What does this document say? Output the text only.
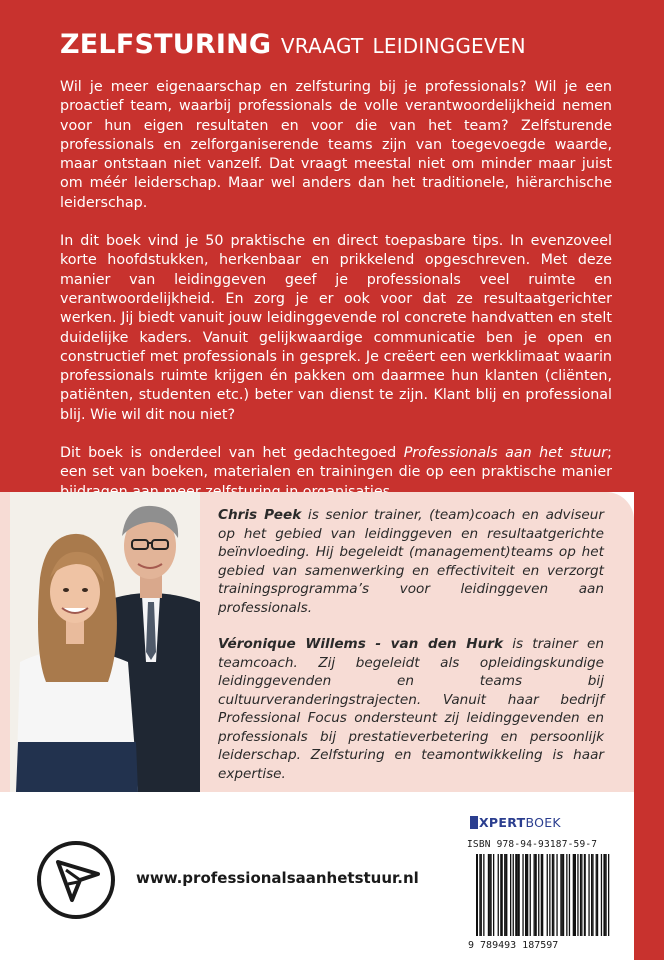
ZELFSTURING vraagt leidinggeven

Wil je meer eigenaarschap en zelfsturing bij je professionals? Wil je een proactief team, waarbij professionals de volle verantwoordelijkheid nemen voor hun eigen resultaten en voor die van het team? Zelfsturende professionals en zelforganiserende teams zijn van toegevoegde waarde, maar ontstaan niet vanzelf. Dat vraagt meestal niet om minder maar juist om méér leiderschap. Maar wel anders dan het traditionele, hiërarchische leiderschap.

In dit boek vind je 50 praktische en direct toepasbare tips. In evenzoveel korte hoofdstukken, herkenbaar en prikkelend opgeschreven. Met deze manier van leidinggeven geef je professionals veel ruimte en verantwoordelijkheid. En zorg je er ook voor dat ze resultaatgerichter werken. Jij biedt vanuit jouw leidinggevende rol concrete handvatten en stelt duidelijke kaders. Vanuit gelijkwaardige communicatie ben je open en constructief met professionals in gesprek. Je creëert een werkklimaat waarin professionals ruimte krijgen én pakken om daarmee hun klanten (cliënten, patiënten, studenten etc.) beter van dienst te zijn. Klant blij en professional blij. Wie wil dit nou niet?

Dit boek is onderdeel van het gedachtegoed Professionals aan het stuur; een set van boeken, materialen en trainingen die op een praktische manier

Chris Peek is senior trainer, (team)coach en adviseur op het gebied van leidinggeven en resultaatgerichte beïnvloeding. Hij begeleidt (management)teams op het gebied van samenwerking en effectiviteit en verzorgt trainingsprogramma’s voor leidinggeven aan professionals.

Véronique Willems - van den Hurk is trainer en teamcoach. Zij begeleidt als opleidingskundige leidinggevenden en teams bij cultuurveranderingstrajecten. Vanuit haar bedrijf Professional Focus ondersteunt zij leidinggevenden en professionals bij prestatieverbetering en persoonlijk leiderschap. Zelfsturing en teamontwikkeling is haar expertise.

www.professionalsaanhetstuur.nl

XPERTBOEK

ISBN 978-94-93187-59-7

9 789493 187597
